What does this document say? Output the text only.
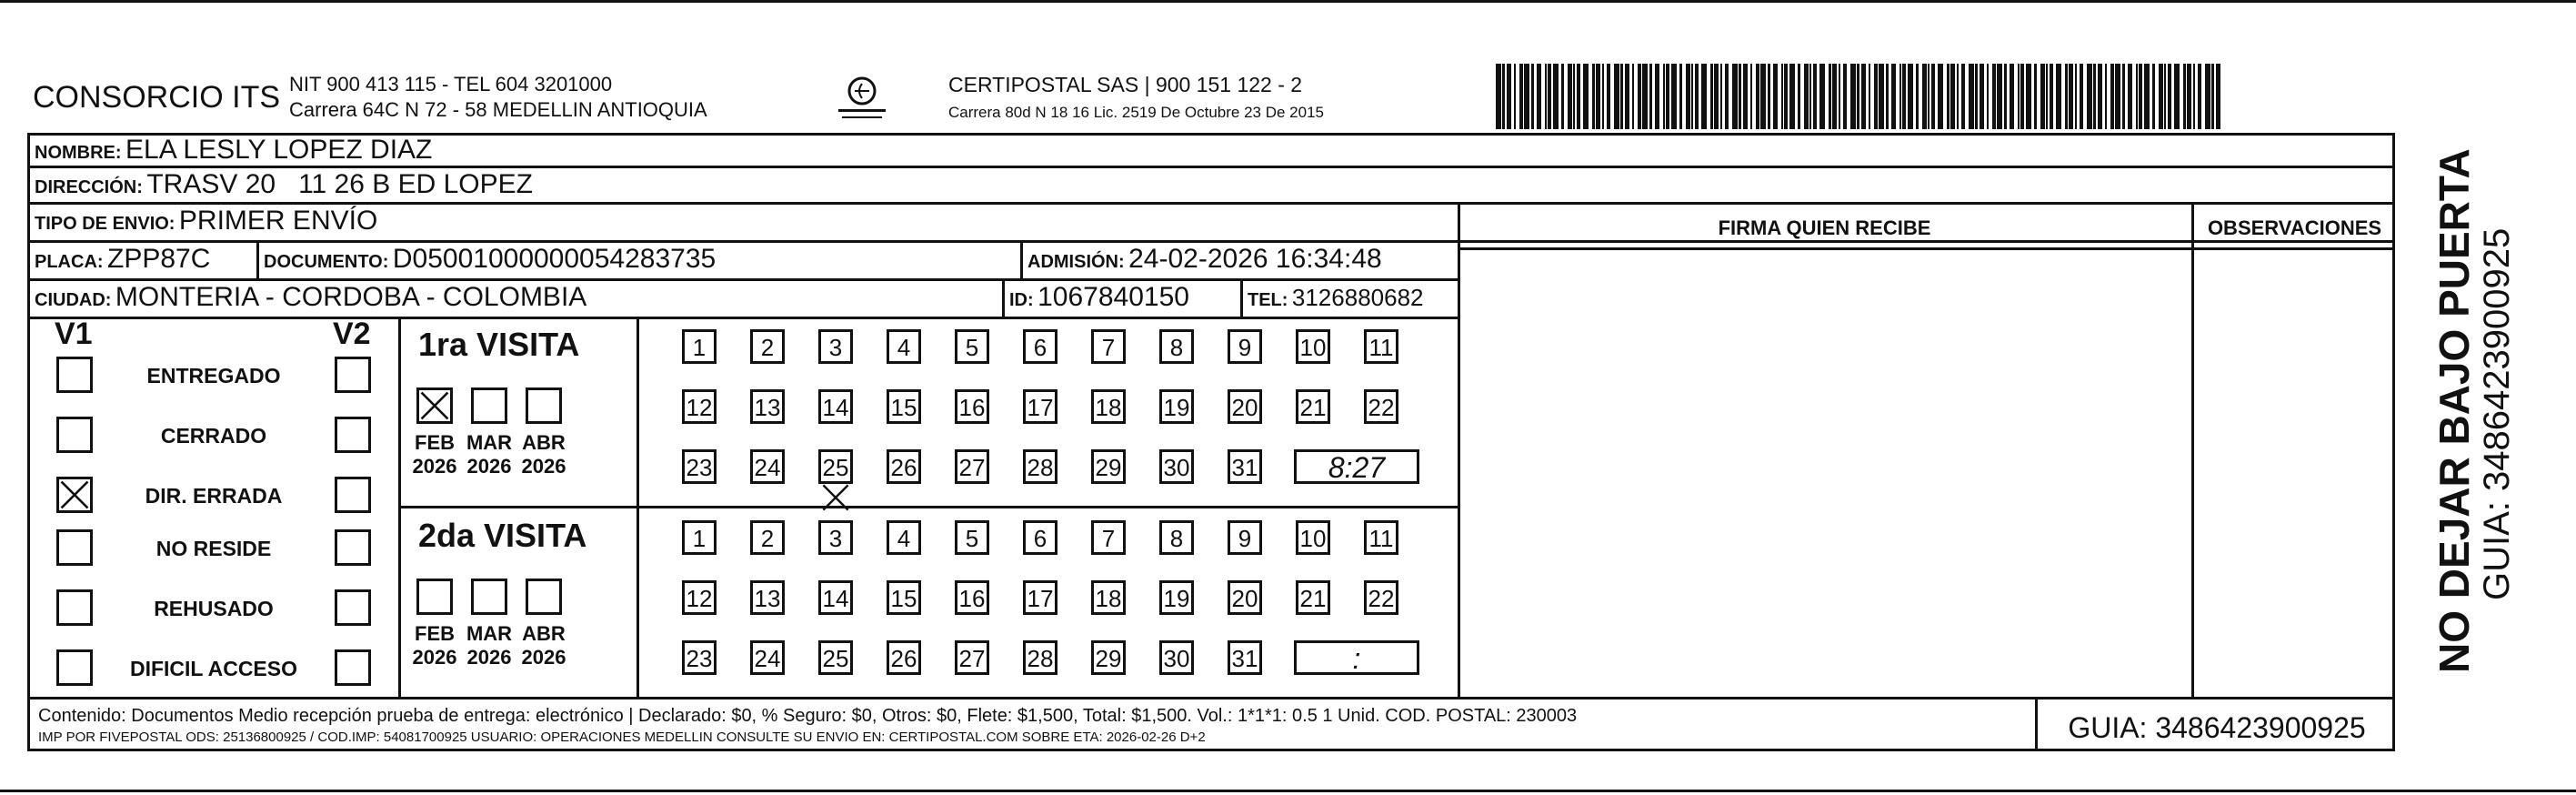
CONSORCIO ITS NIT 900 413 115 - TEL 604 3201000
Carrera 64C N 72 - 58 MEDELLIN ANTIOQUIA
CERTIPOSTAL SAS | 900 151 122 - 2
Carrera 80d N 18 16 Lic. 2519 De Octubre 23 De 2015
NOMBRE: ELA LESLY LOPEZ DIAZ
DIRECCIÓN: TRASV 20   11 26 B ED LOPEZ
TIPO DE ENVIO: PRIMER ENVÍO
PLACA: ZPP87C	DOCUMENTO: D05001000000054283735	ADMISIÓN: 24-02-2026 16:34:48
CIUDAD: MONTERIA - CORDOBA - COLOMBIA	ID: 1067840150	TEL: 3126880682
FIRMA QUIEN RECIBE	OBSERVACIONES
V1	V2
ENTREGADO
CERRADO
DIR. ERRADA
NO RESIDE
REHUSADO
DIFICIL ACCESO
1ra VISITA
FEB
2026
MAR
2026
ABR
2026
1	2	3	4	5	6	7	8	9	10 11
12 13 14 15 16 17 18 19 20 21 22
23 24 25 26 27 28 29 30 31	8:27
2da VISITA
FEB
2026
MAR
2026
ABR
2026
1	2	3	4	5	6	7	8	9	10 11
12 13 14 15 16 17 18 19 20 21 22
23 24 25 26 27 28 29 30 31	:
Contenido: Documentos Medio recepción prueba de entrega: electrónico | Declarado: $0, % Seguro: $0, Otros: $0, Flete: $1,500, Total: $1,500. Vol.: 1*1*1: 0.5 1 Unid. COD. POSTAL: 230003
IMP POR FIVEPOSTAL ODS: 25136800925 / COD.IMP: 54081700925 USUARIO: OPERACIONES MEDELLIN CONSULTE SU ENVIO EN: CERTIPOSTAL.COM SOBRE ETA: 2026-02-26 D+2	GUIA: 3486423900925
NO DEJAR BAJO PUERTA GUIA: 3486423900925
